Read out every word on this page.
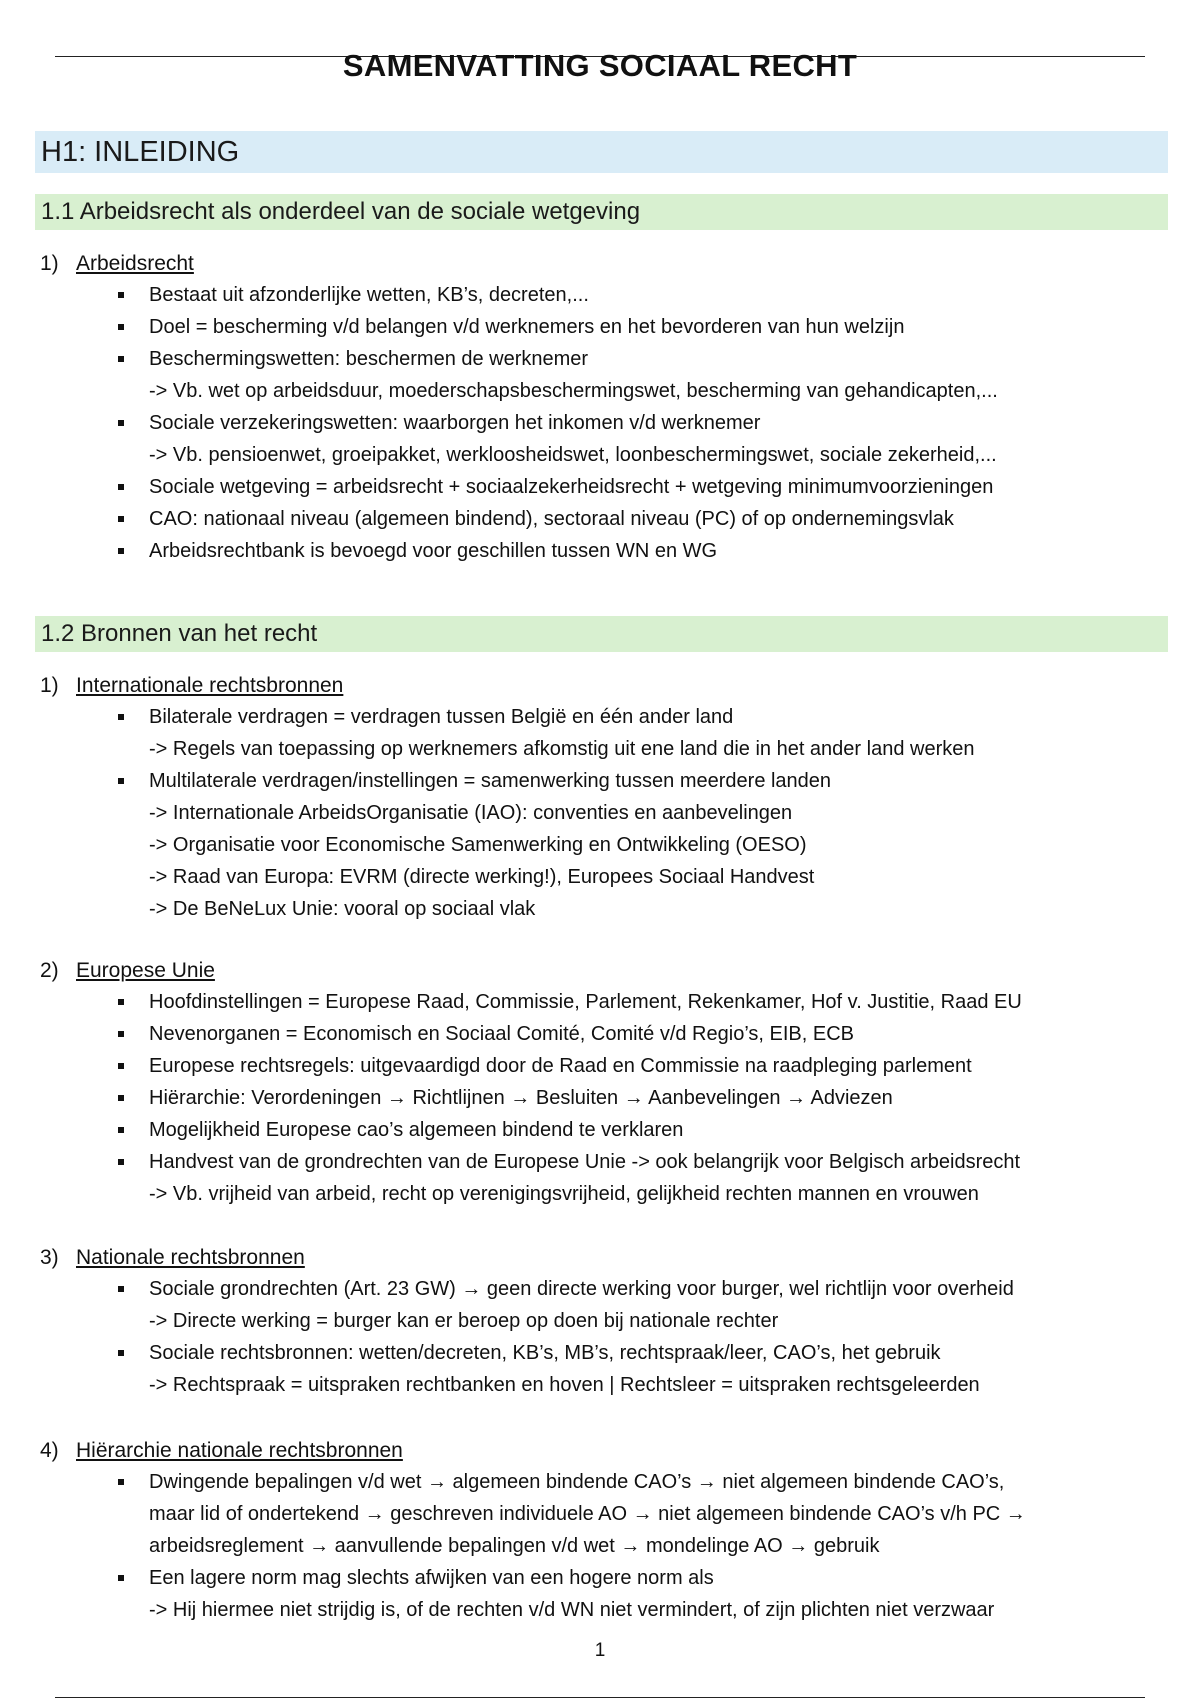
SAMENVATTING SOCIAAL RECHT
H1: INLEIDING
1.1 Arbeidsrecht als onderdeel van de sociale wetgeving
1) Arbeidsrecht
Bestaat uit afzonderlijke wetten, KB’s, decreten,...
Doel = bescherming v/d belangen v/d werknemers en het bevorderen van hun welzijn
Beschermingswetten: beschermen de werknemer
-> Vb. wet op arbeidsduur, moederschapsbeschermingswet, bescherming van gehandicapten,...
Sociale verzekeringswetten: waarborgen het inkomen v/d werknemer
-> Vb. pensioenwet, groeipakket, werkloosheidswet, loonbeschermingswet, sociale zekerheid,...
Sociale wetgeving = arbeidsrecht + sociaalzekerheidsrecht + wetgeving minimumvoorzieningen
CAO: nationaal niveau (algemeen bindend), sectoraal niveau (PC) of op ondernemingsvlak
Arbeidsrechtbank is bevoegd voor geschillen tussen WN en WG
1.2 Bronnen van het recht
1) Internationale rechtsbronnen
Bilaterale verdragen = verdragen tussen België en één ander land
-> Regels van toepassing op werknemers afkomstig uit ene land die in het ander land werken
Multilaterale verdragen/instellingen = samenwerking tussen meerdere landen
-> Internationale ArbeidsOrganisatie (IAO): conventies en aanbevelingen
-> Organisatie voor Economische Samenwerking en Ontwikkeling (OESO)
-> Raad van Europa: EVRM (directe werking!), Europees Sociaal Handvest
-> De BeNeLux Unie: vooral op sociaal vlak
2) Europese Unie
Hoofdinstellingen = Europese Raad, Commissie, Parlement, Rekenkamer, Hof v. Justitie, Raad EU
Nevenorganen = Economisch en Sociaal Comité, Comité v/d Regio’s, EIB, ECB
Europese rechtsregels: uitgevaardigd door de Raad en Commissie na raadpleging parlement
Hiërarchie: Verordeningen → Richtlijnen → Besluiten → Aanbevelingen → Adviezen
Mogelijkheid Europese cao’s algemeen bindend te verklaren
Handvest van de grondrechten van de Europese Unie -> ook belangrijk voor Belgisch arbeidsrecht
-> Vb. vrijheid van arbeid, recht op verenigingsvrijheid, gelijkheid rechten mannen en vrouwen
3) Nationale rechtsbronnen
Sociale grondrechten (Art. 23 GW) → geen directe werking voor burger, wel richtlijn voor overheid
-> Directe werking = burger kan er beroep op doen bij nationale rechter
Sociale rechtsbronnen: wetten/decreten, KB’s, MB’s, rechtspraak/leer, CAO’s, het gebruik
-> Rechtspraak = uitspraken rechtbanken en hoven | Rechtsleer = uitspraken rechtsgeleerden
4) Hiërarchie nationale rechtsbronnen
Dwingende bepalingen v/d wet → algemeen bindende CAO’s → niet algemeen bindende CAO’s,
maar lid of ondertekend → geschreven individuele AO → niet algemeen bindende CAO’s v/h PC →
arbeidsreglement → aanvullende bepalingen v/d wet → mondelinge AO → gebruik
Een lagere norm mag slechts afwijken van een hogere norm als
-> Hij hiermee niet strijdig is, of de rechten v/d WN niet vermindert, of zijn plichten niet verzwaar
1
